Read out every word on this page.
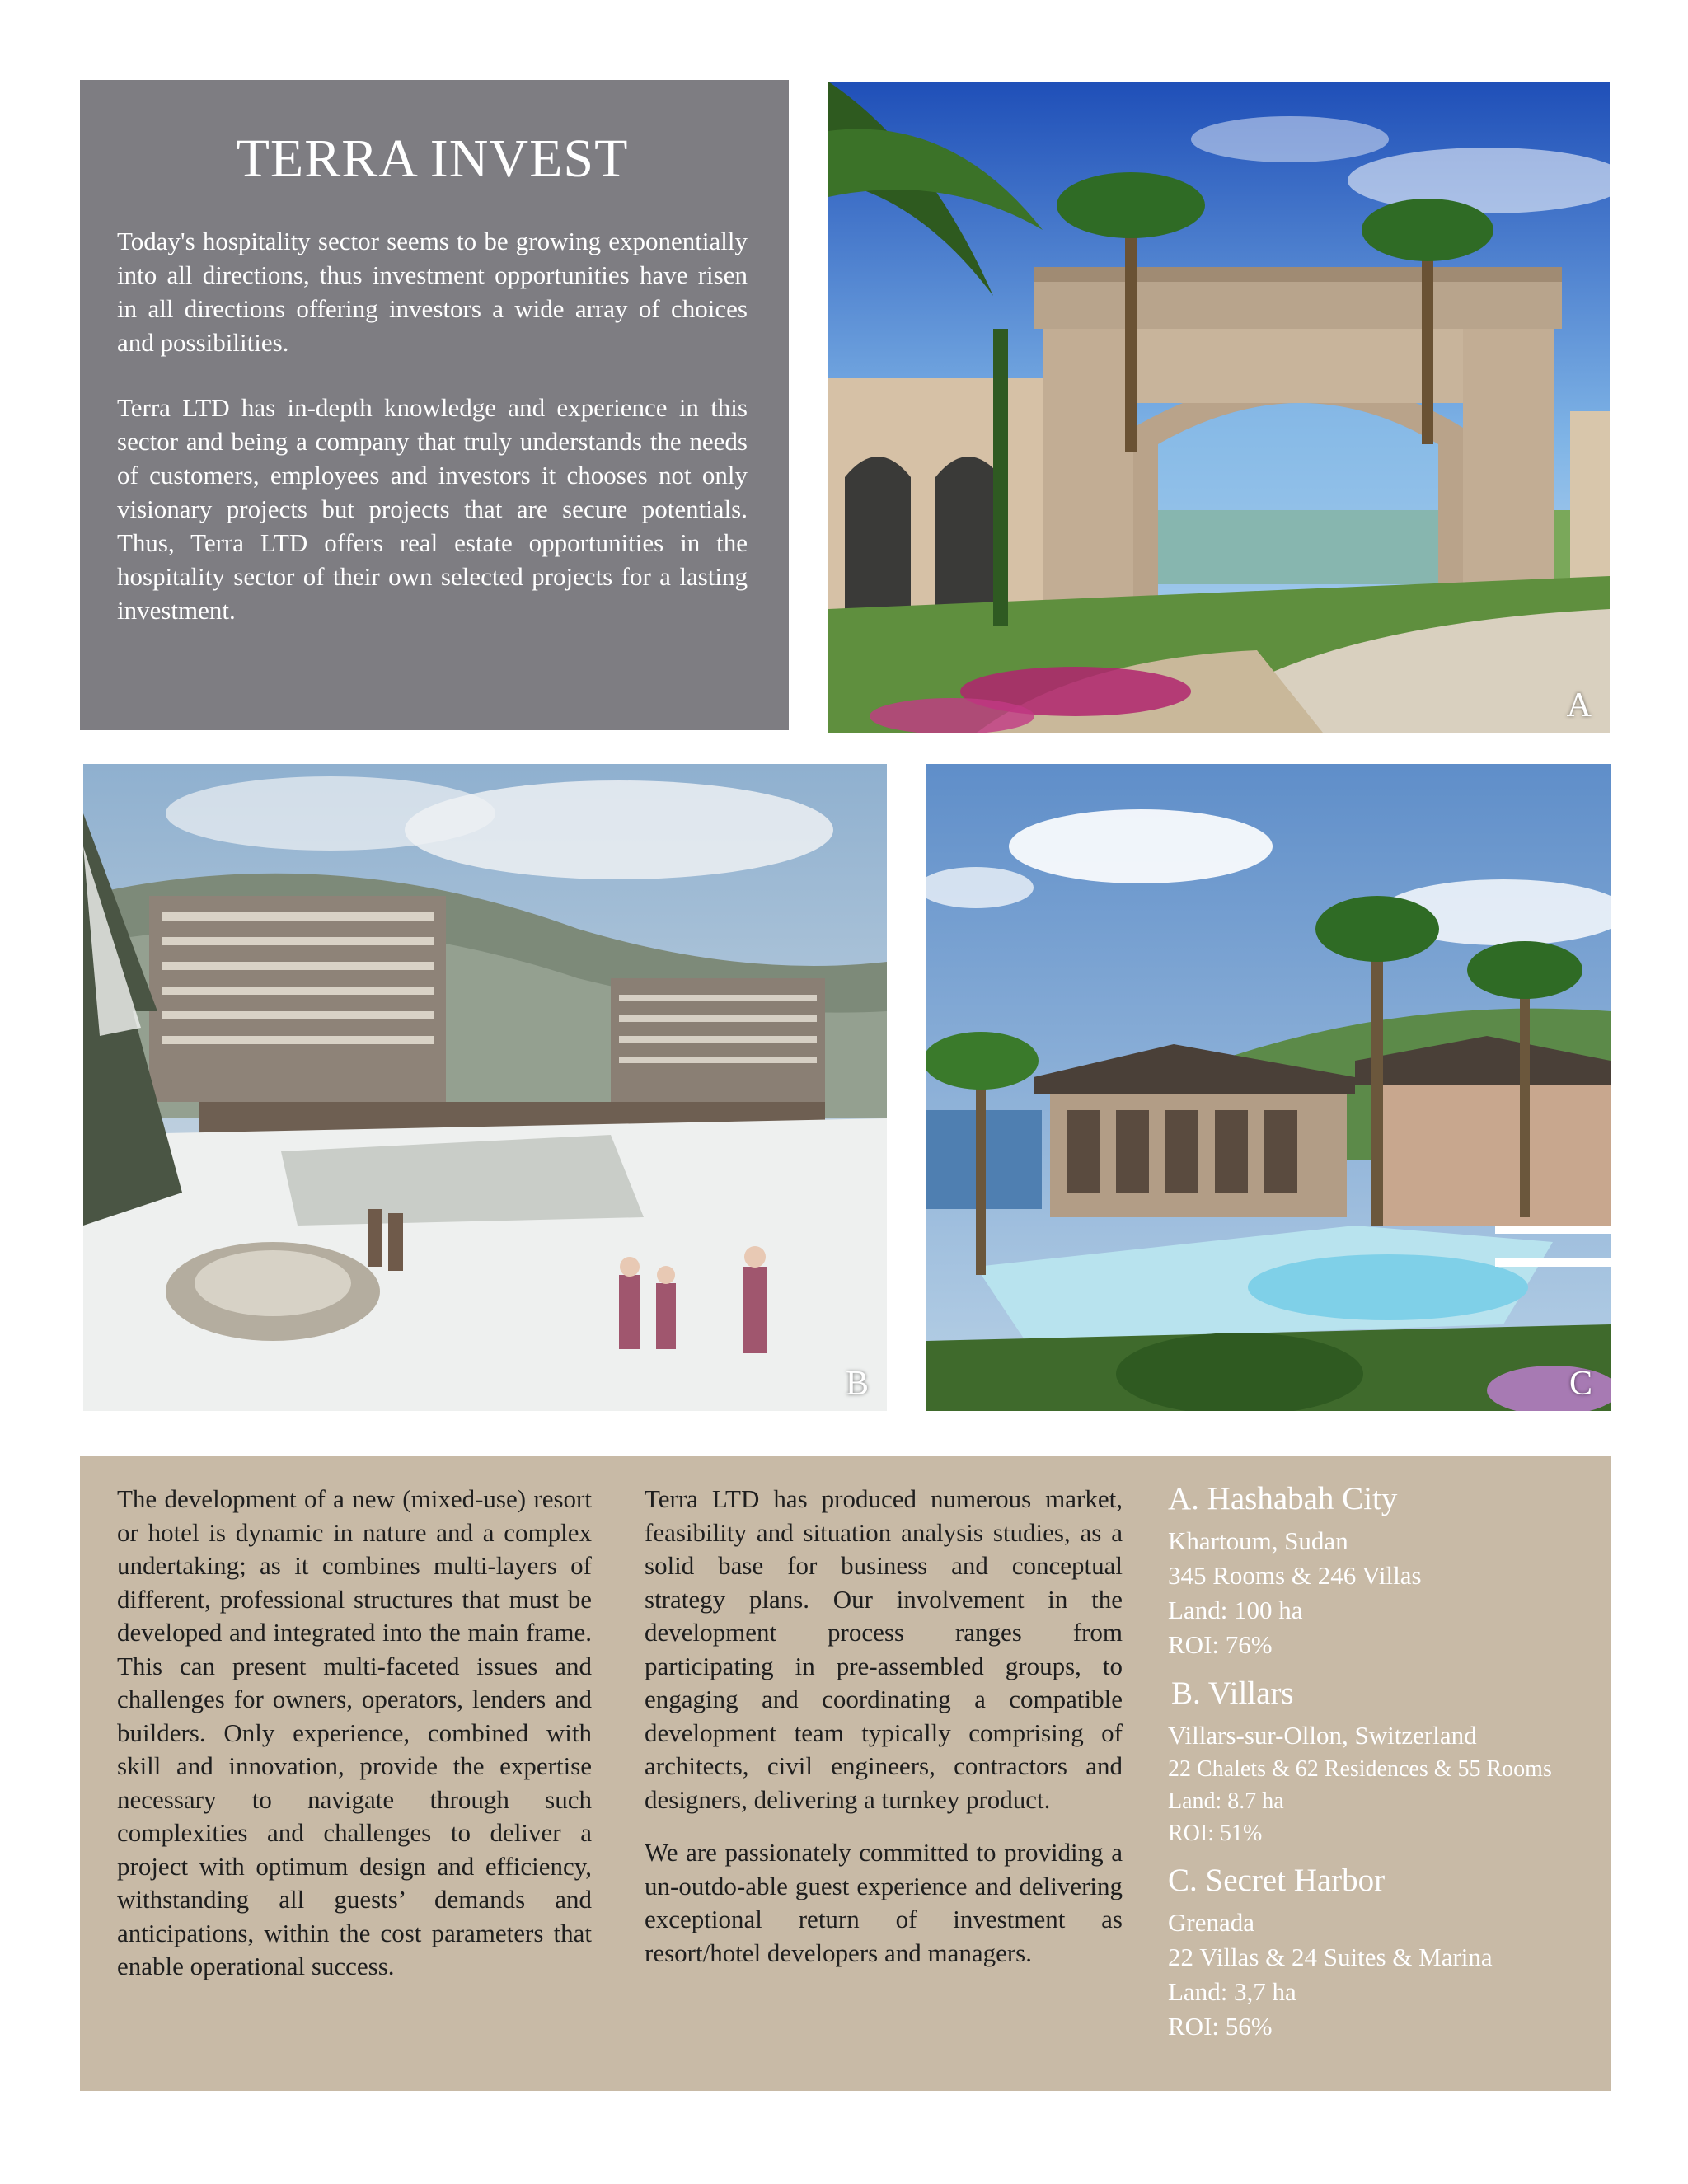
TERRA INVEST

Today's hospitality sector seems to be growing exponentially into all directions, thus investment opportunities have risen in all directions offering investors a wide array of choices and possibilities.

Terra LTD has in-depth knowledge and experience in this sector and being a company that truly understands the needs of customers, employees and investors it chooses not only visionary projects but projects that are secure potentials. Thus, Terra LTD offers real estate opportunities in the hospitality sector of their own selected projects for a lasting investment.

A
B	C

The development of a new (mixed-use) resort or hotel is dynamic in nature and a complex undertaking; as it combines multi-layers of different, professional structures that must be developed and integrated into the main frame. This can present multi-faceted issues and challenges for owners, operators, lenders and builders. Only experience, combined with skill and innovation, provide the expertise necessary to navigate through such complexities and challenges to deliver a project with optimum design and efficiency, withstanding all guests’ demands and anticipations, within the cost parameters that enable operational success.

Terra LTD has produced numerous market, feasibility and situation analysis studies, as a solid base for business and conceptual strategy plans. Our involvement in the development process ranges from participating in pre-assembled groups, to engaging and coordinating a compatible development team typically comprising of architects, civil engineers, contractors and designers, delivering a turnkey product.

We are passionately committed to providing a un-outdo-able guest experience and delivering exceptional return of investment as resort/hotel developers and managers.

A. Hashabah City
Khartoum, Sudan
345 Rooms & 246 Villas
Land: 100 ha
ROI: 76%
B. Villars
Villars-sur-Ollon, Switzerland
22 Chalets & 62 Residences & 55 Rooms
Land: 8.7 ha
ROI: 51%
C. Secret Harbor
Grenada
22 Villas & 24 Suites & Marina
Land: 3,7 ha
ROI: 56%
